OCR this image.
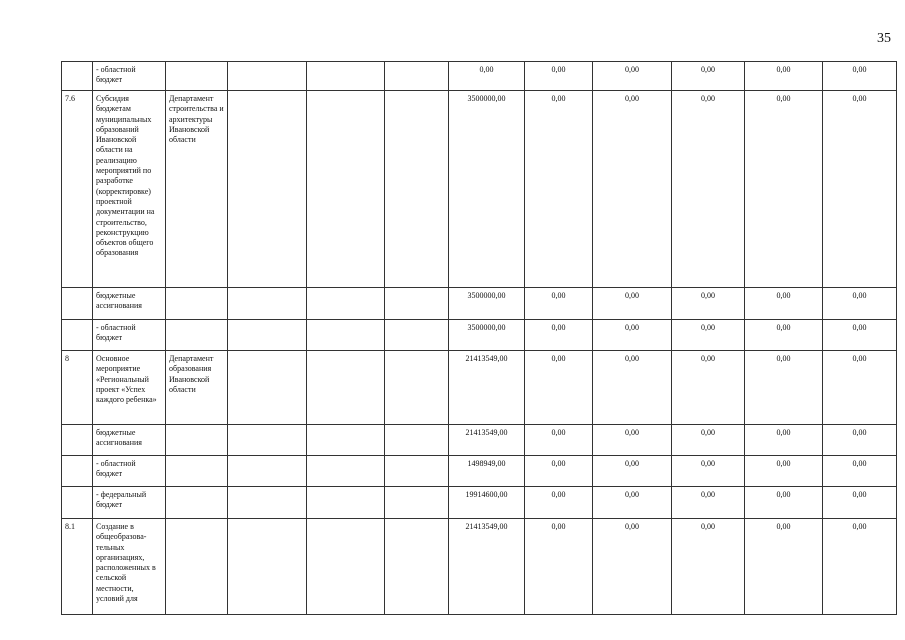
35
	- областной бюджет					0,00	0,00	0,00	0,00	0,00	0,00
7.6	Субсидия бюджетам муниципальных образований Ивановской области на реализацию мероприятий по разработке (корректировке) проектной документации на строительство, реконструкцию объектов общего образования	Департамент строительства и архитектуры Ивановской области				3500000,00	0,00	0,00	0,00	0,00	0,00
	бюджетные ассигнования					3500000,00	0,00	0,00	0,00	0,00	0,00
	- областной бюджет					3500000,00	0,00	0,00	0,00	0,00	0,00
8	Основное мероприятие «Региональный проект «Успех каждого ребенка»	Департамент образования Ивановской области				21413549,00	0,00	0,00	0,00	0,00	0,00
	бюджетные ассигнования					21413549,00	0,00	0,00	0,00	0,00	0,00
	- областной бюджет					1498949,00	0,00	0,00	0,00	0,00	0,00
	- федеральный бюджет					19914600,00	0,00	0,00	0,00	0,00	0,00
8.1	Создание в общеобразова-тельных организациях, расположенных в сельской местности, условий для					21413549,00	0,00	0,00	0,00	0,00	0,00
